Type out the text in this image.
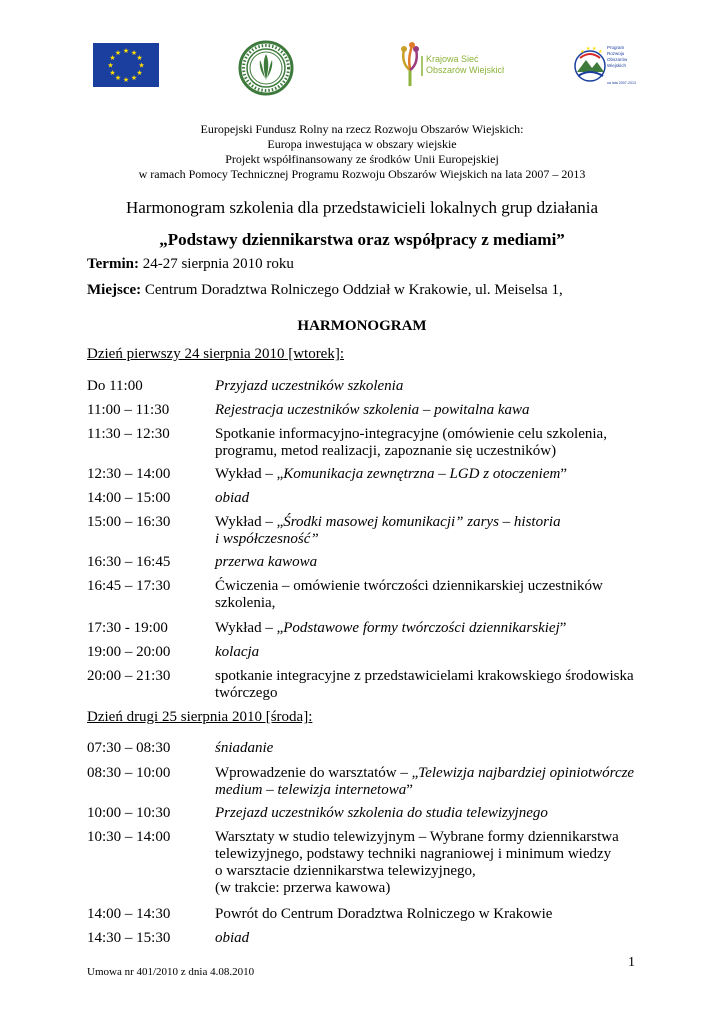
★ ★
★
★
★
★
★
★
★
★
★
★
Krajowa Sieć
Obszarów Wiejskich
★ ★ ★ ★
Program
Rozwoju
Obszarów
Wiejskich
na lata 2007-2013
Europejski Fundusz Rolny na rzecz Rozwoju Obszarów Wiejskich:
Europa inwestująca w obszary wiejskie
Projekt współfinansowany ze środków Unii Europejskiej
w ramach Pomocy Technicznej Programu Rozwoju Obszarów Wiejskich na lata 2007 – 2013
Harmonogram szkolenia dla przedstawicieli lokalnych grup działania
„Podstawy dziennikarstwa oraz współpracy z mediami”
Termin: 24-27 sierpnia 2010 roku
Miejsce: Centrum Doradztwa Rolniczego Oddział w Krakowie, ul. Meiselsa 1,
HARMONOGRAM
Dzień pierwszy 24 sierpnia 2010 [wtorek]:
Do 11:00	Przyjazd uczestników szkolenia
11:00 – 11:30	Rejestracja uczestników szkolenia – powitalna kawa
11:30 – 12:30	Spotkanie informacyjno-integracyjne (omówienie celu szkolenia,
programu, metod realizacji, zapoznanie się uczestników)
12:30 – 14:00	Wykład – „Komunikacja zewnętrzna – LGD z otoczeniem”
14:00 – 15:00	obiad
15:00 – 16:30	Wykład – „Środki masowej komunikacji” zarys – historia
i współczesność”
16:30 – 16:45	przerwa kawowa
16:45 – 17:30	Ćwiczenia – omówienie twórczości dziennikarskiej uczestników
szkolenia,
17:30 - 19:00	Wykład – „Podstawowe formy twórczości dziennikarskiej”
19:00 – 20:00	kolacja
20:00 – 21:30	spotkanie integracyjne z przedstawicielami krakowskiego środowiska
twórczego
Dzień drugi 25 sierpnia 2010 [środa]:
07:30 – 08:30	śniadanie
08:30 – 10:00	Wprowadzenie do warsztatów – „Telewizja najbardziej opiniotwórcze
medium – telewizja internetowa”
10:00 – 10:30	Przejazd uczestników szkolenia do studia telewizyjnego
10:30 – 14:00	Warsztaty w studio telewizyjnym – Wybrane formy dziennikarstwa
telewizyjnego, podstawy techniki nagraniowej i minimum wiedzy
o warsztacie dziennikarstwa telewizyjnego,
(w trakcie: przerwa kawowa)
14:00 – 14:30	Powrót do Centrum Doradztwa Rolniczego w Krakowie
14:30 – 15:30	obiad
1
Umowa nr 401/2010 z dnia 4.08.2010
